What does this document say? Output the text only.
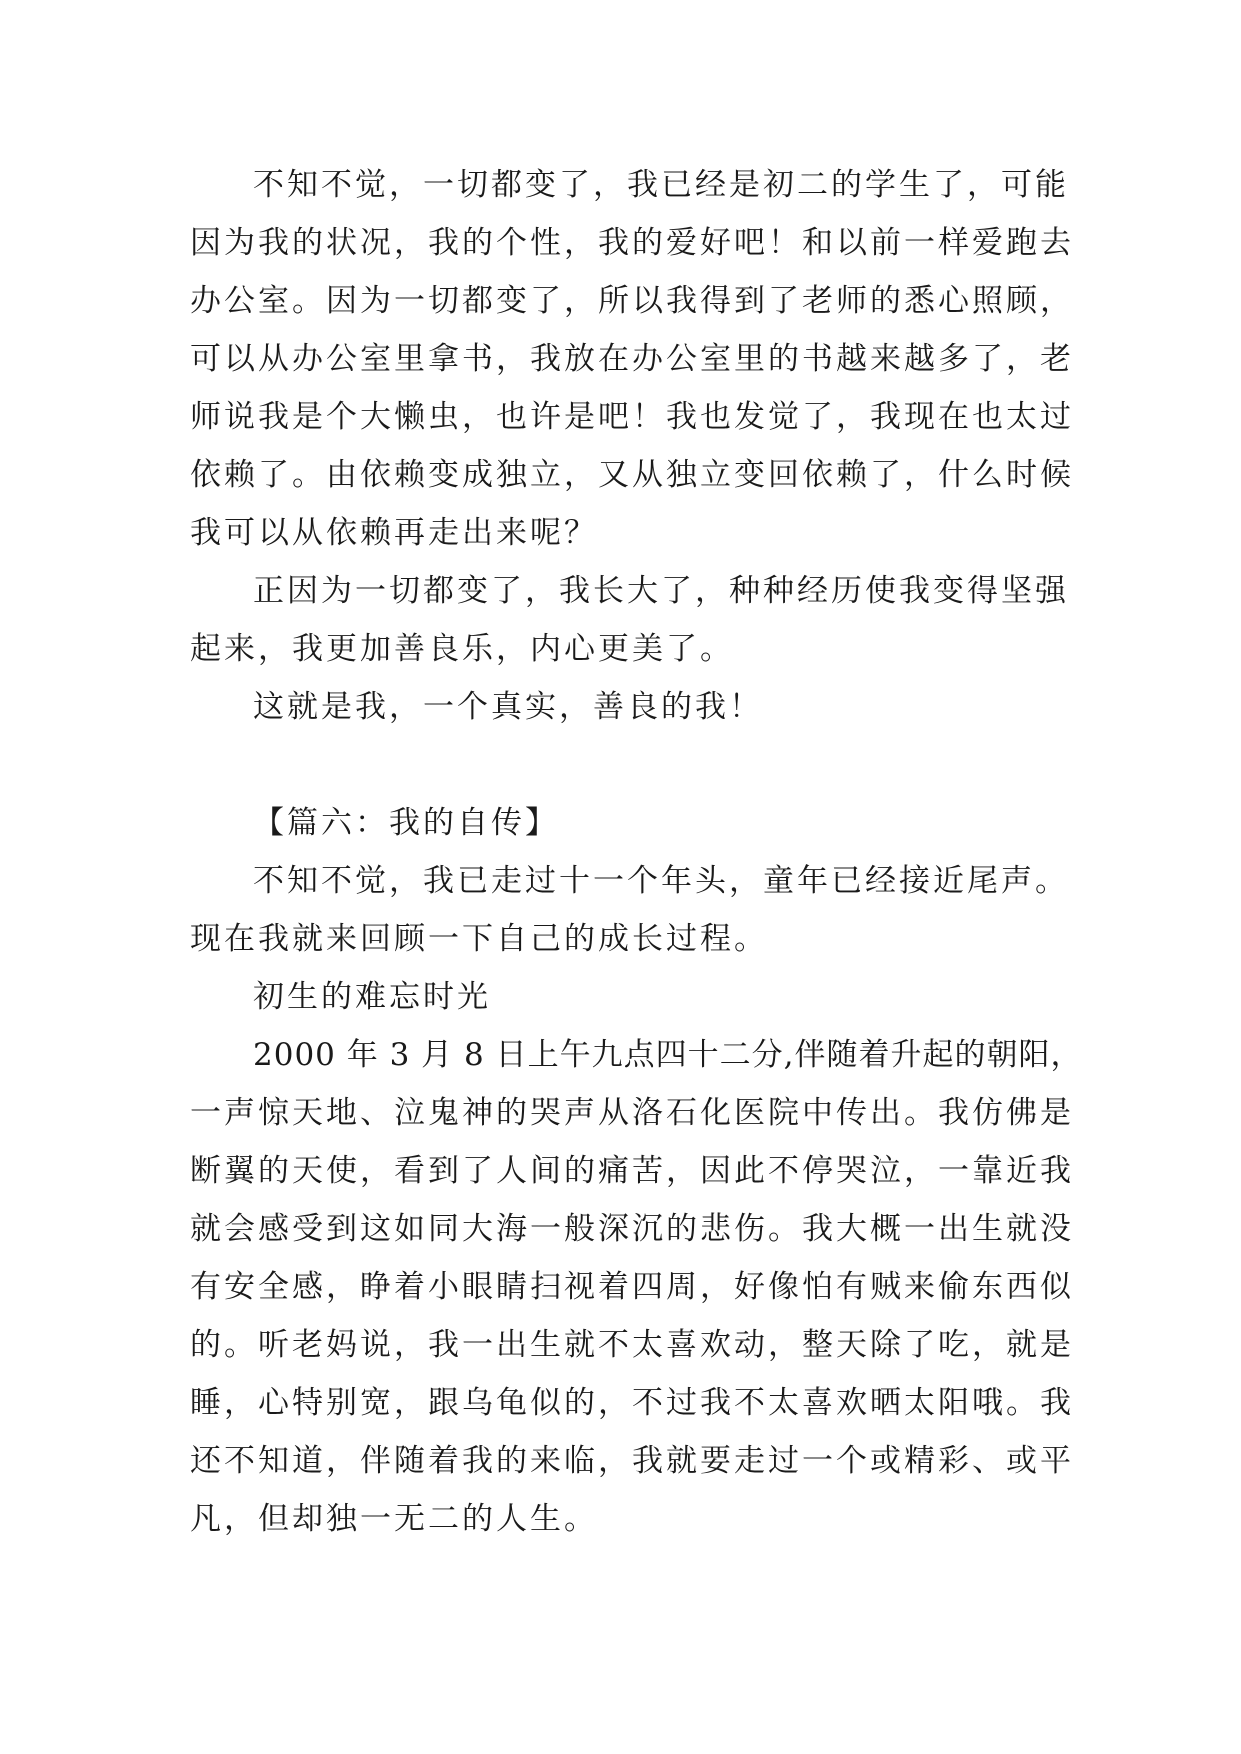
不知不觉，一切都变了，我已经是初二的学生了，可能
因为我的状况，我的个性，我的爱好吧！和以前一样爱跑去
办公室。因为一切都变了，所以我得到了老师的悉心照顾，
可以从办公室里拿书，我放在办公室里的书越来越多了，老
师说我是个大懒虫，也许是吧！我也发觉了，我现在也太过
依赖了。由依赖变成独立，又从独立变回依赖了，什么时候
我可以从依赖再走出来呢？
正因为一切都变了，我长大了，种种经历使我变得坚强
起来，我更加善良乐，内心更美了。
这就是我，一个真实，善良的我！
【篇六：我的自传】
不知不觉，我已走过十一个年头，童年已经接近尾声。
现在我就来回顾一下自己的成长过程。
初生的难忘时光
2000 年 3 月 8 日上午九点四十二分,伴随着升起的朝阳，
一声惊天地、泣鬼神的哭声从洛石化医院中传出。我仿佛是
断翼的天使，看到了人间的痛苦，因此不停哭泣，一靠近我
就会感受到这如同大海一般深沉的悲伤。我大概一出生就没
有安全感，睁着小眼睛扫视着四周，好像怕有贼来偷东西似
的。听老妈说，我一出生就不太喜欢动，整天除了吃，就是
睡，心特别宽，跟乌龟似的，不过我不太喜欢晒太阳哦。我
还不知道，伴随着我的来临，我就要走过一个或精彩、或平
凡，但却独一无二的人生。
